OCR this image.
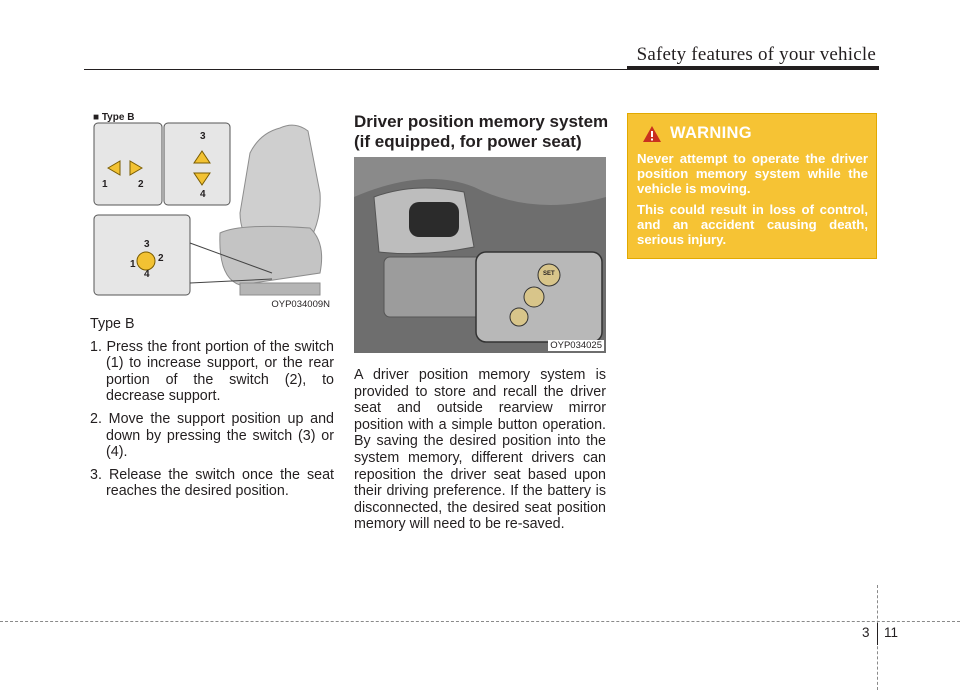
Safety features of your vehicle
■ Type B
1	2
3
4
1
2
3
4
OYP034009N

Type B

1. Press the front portion of the switch (1) to increase support, or the rear portion of the switch (2), to decrease support.
2. Move the support position up and down by pressing the switch (3) or (4).
3. Release the switch once the seat reaches the desired position.
Driver position memory system (if equipped, for power seat)
SET
OYP034025
A driver position memory system is provided to store and recall the driver seat and outside rearview mirror position with a simple button operation. By saving the desired position into the system memory, different drivers can reposition the driver seat based upon their driving preference. If the battery is disconnected, the desired seat position memory will need to be re-saved.
WARNING

Never attempt to operate the driver position memory system while the vehicle is moving.

This could result in loss of control, and an accident causing death, serious injury.

3 11
